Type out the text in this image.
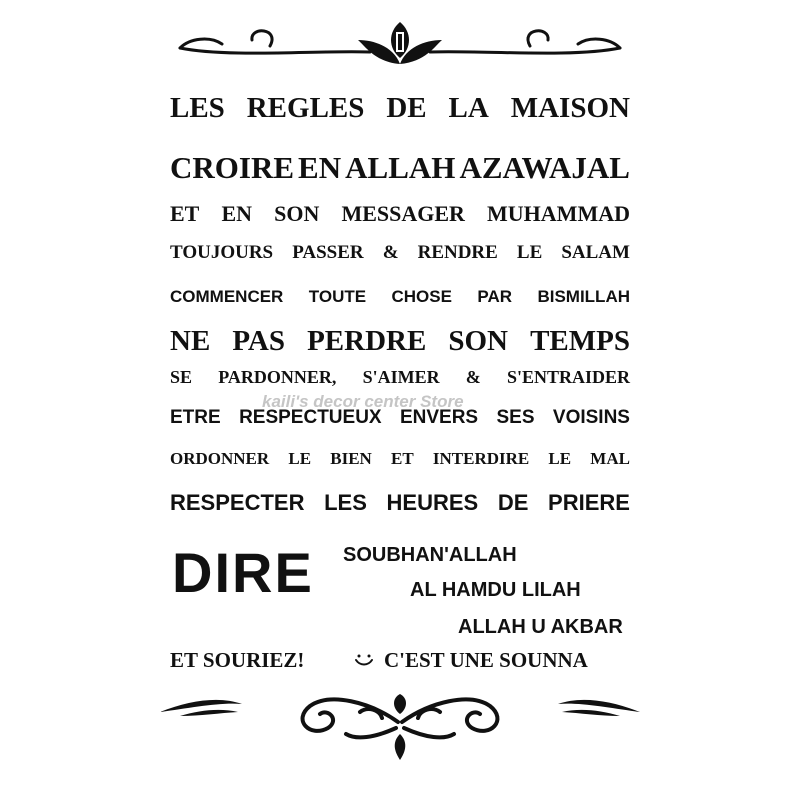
LES REGLES DE LA MAISON
CROIRE EN ALLAH AZAWAJAL
ET EN SON MESSAGER MUHAMMAD
TOUJOURS PASSER & RENDRE LE SALAM
COMMENCER TOUTE CHOSE PAR BISMILLAH
NE PAS PERDRE SON TEMPS
SE PARDONNER, S'AIMER & S'ENTRAIDER
ETRE RESPECTUEUX ENVERS SES VOISINS
ORDONNER LE BIEN ET INTERDIRE LE MAL
RESPECTER LES HEURES DE PRIERE
DIRE SOUBHAN'ALLAH
AL HAMDU LILAH
ALLAH U AKBAR
ET SOURIEZ!	C'EST UNE SOUNNA
kaili's decor center Store
